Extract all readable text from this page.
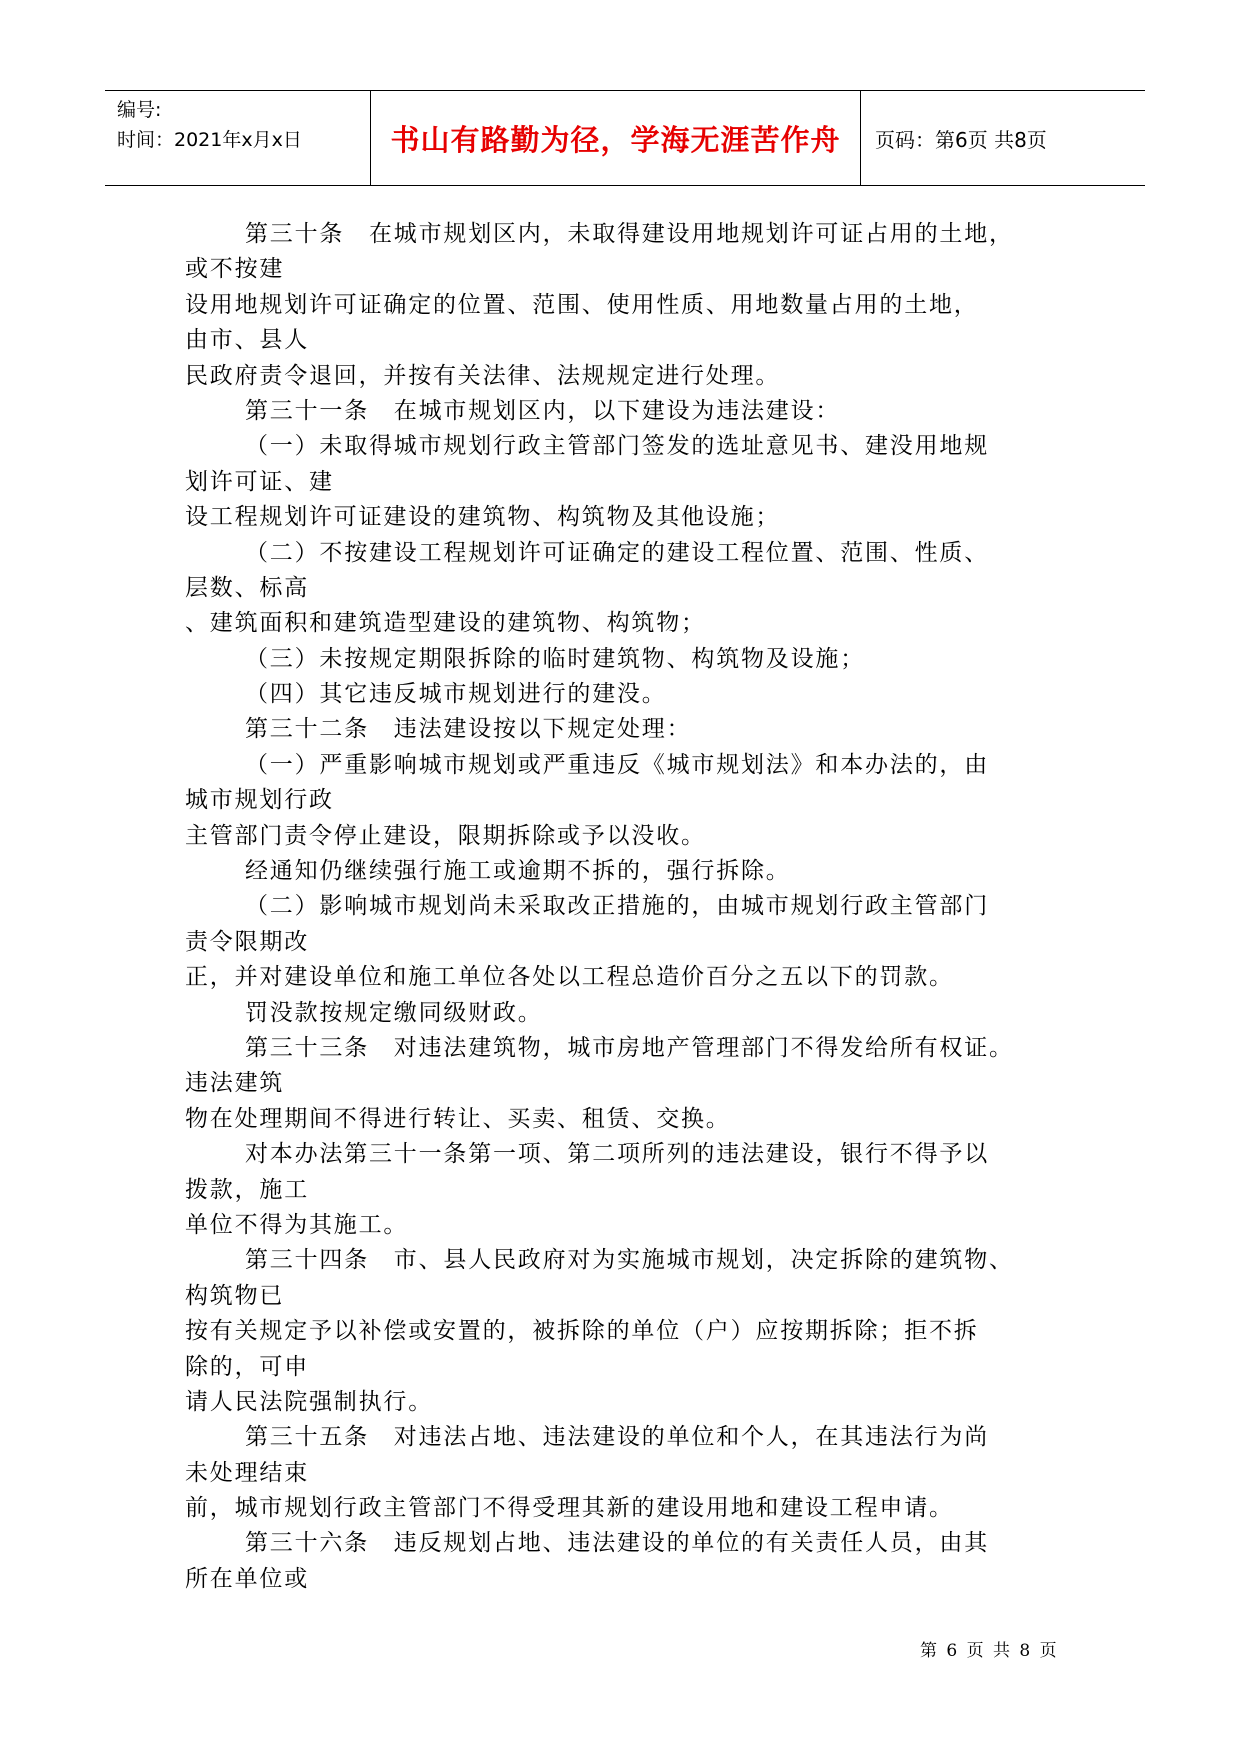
编号:
时间：2021年x月x日	书山有路勤为径，学海无涯苦作舟	页码：第6页 共8页

第三十条　在城市规划区内，未取得建设用地规划许可证占用的土地，

或不按建

设用地规划许可证确定的位置、范围、使用性质、用地数量占用的土地，

由市、县人

民政府责令退回，并按有关法律、法规规定进行处理。

第三十一条　在城市规划区内，以下建设为违法建设：

（一）未取得城市规划行政主管部门签发的选址意见书、建没用地规

划许可证、建

设工程规划许可证建设的建筑物、构筑物及其他设施；

（二）不按建设工程规划许可证确定的建设工程位置、范围、性质、

层数、标高

、建筑面积和建筑造型建设的建筑物、构筑物；

（三）未按规定期限拆除的临时建筑物、构筑物及设施；

（四）其它违反城市规划进行的建没。

第三十二条　违法建设按以下规定处理：

（一）严重影响城市规划或严重违反《城市规划法》和本办法的，由

城市规划行政

主管部门责令停止建设，限期拆除或予以没收。

经通知仍继续强行施工或逾期不拆的，强行拆除。

（二）影响城市规划尚未采取改正措施的，由城市规划行政主管部门

责令限期改

正，并对建设单位和施工单位各处以工程总造价百分之五以下的罚款。

罚没款按规定缴同级财政。

第三十三条　对违法建筑物，城市房地产管理部门不得发给所有权证。

违法建筑

物在处理期间不得进行转让、买卖、租赁、交换。

对本办法第三十一条第一项、第二项所列的违法建设，银行不得予以

拨款，施工

单位不得为其施工。

第三十四条　市、县人民政府对为实施城市规划，决定拆除的建筑物、

构筑物已

按有关规定予以补偿或安置的，被拆除的单位（户）应按期拆除；拒不拆

除的，可申

请人民法院强制执行。

第三十五条　对违法占地、违法建设的单位和个人，在其违法行为尚

未处理结束

前，城市规划行政主管部门不得受理其新的建设用地和建设工程申请。

第三十六条　违反规划占地、违法建设的单位的有关责任人员，由其

所在单位或

第 6 页 共 8 页
